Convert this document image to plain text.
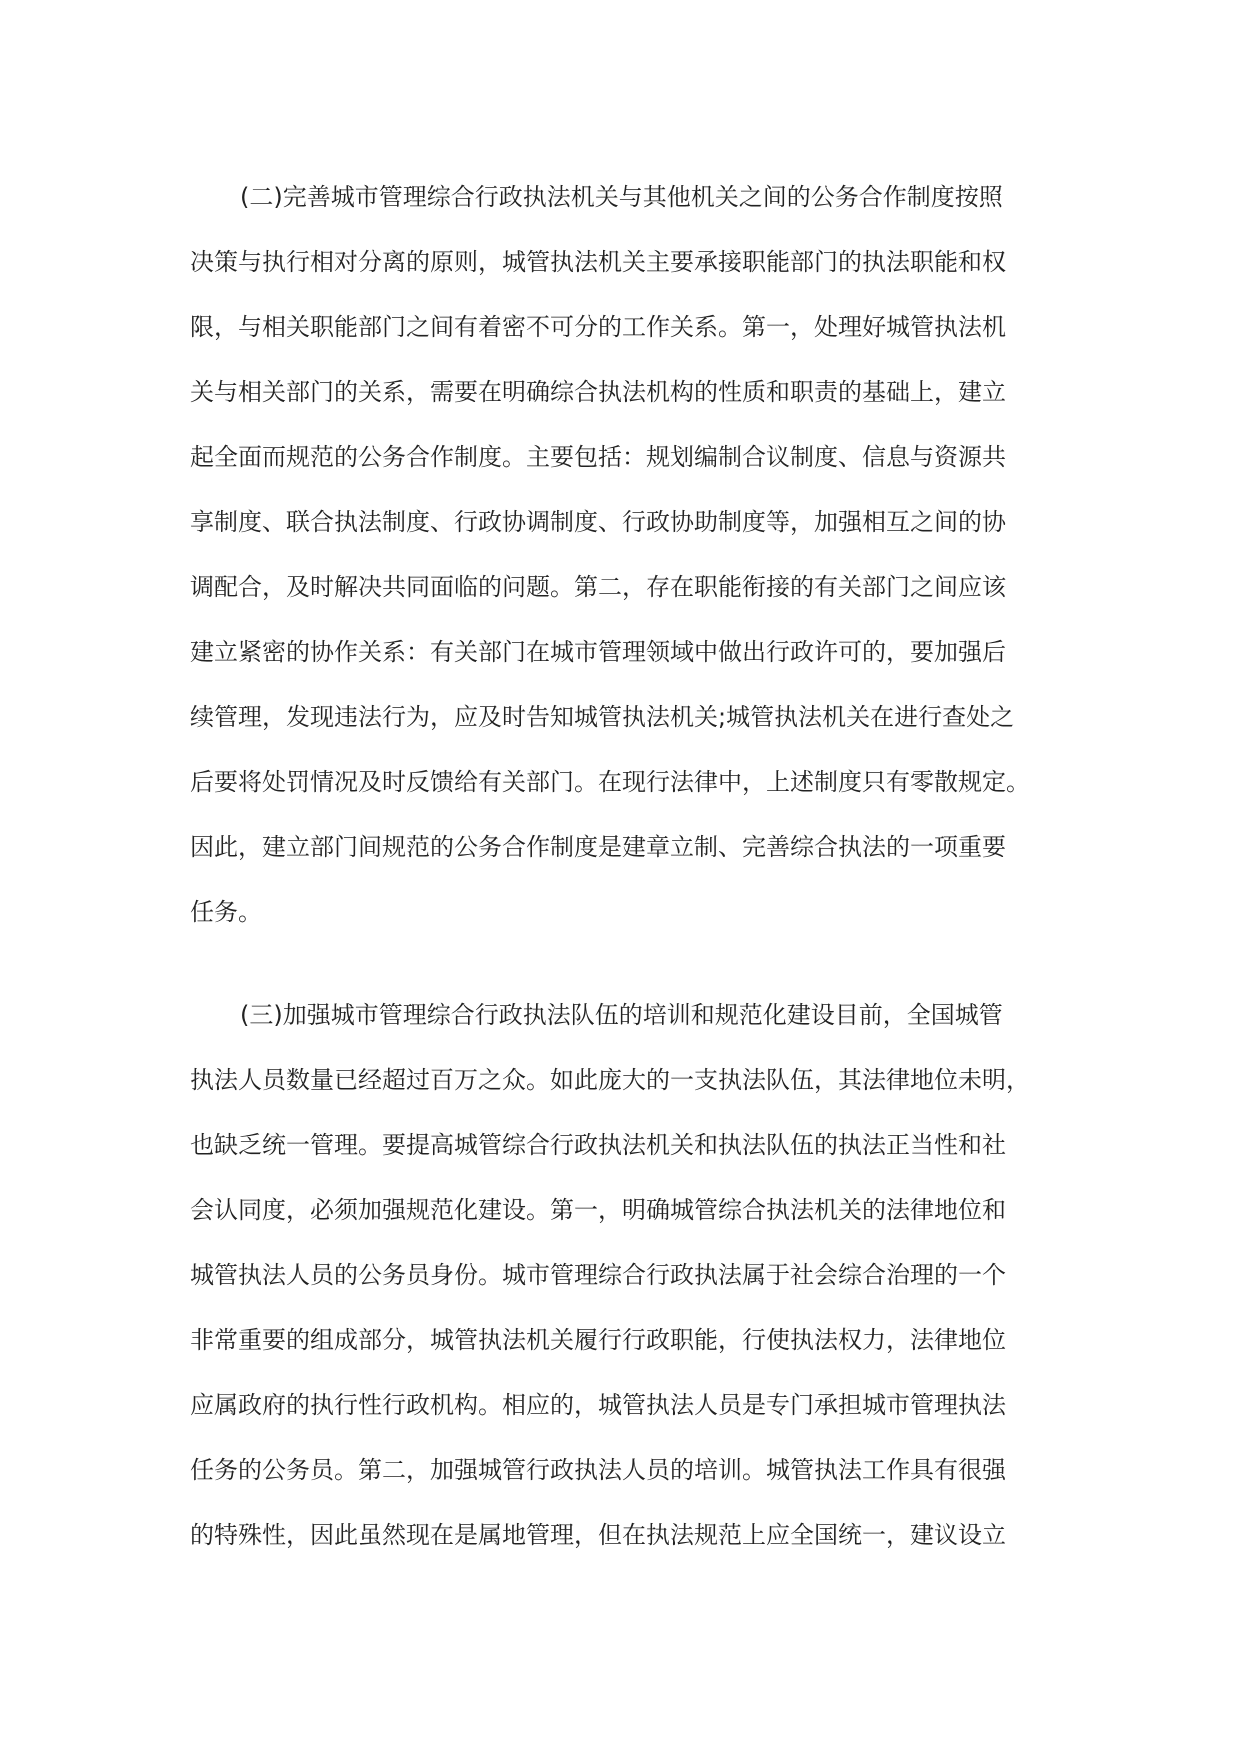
(二)完善城市管理综合行政执法机关与其他机关之间的公务合作制度按照
决策与执行相对分离的原则，城管执法机关主要承接职能部门的执法职能和权
限，与相关职能部门之间有着密不可分的工作关系。第一，处理好城管执法机
关与相关部门的关系，需要在明确综合执法机构的性质和职责的基础上，建立
起全面而规范的公务合作制度。主要包括：规划编制合议制度、信息与资源共
享制度、联合执法制度、行政协调制度、行政协助制度等，加强相互之间的协
调配合，及时解决共同面临的问题。第二，存在职能衔接的有关部门之间应该
建立紧密的协作关系：有关部门在城市管理领域中做出行政许可的，要加强后
续管理，发现违法行为，应及时告知城管执法机关;城管执法机关在进行查处之
后要将处罚情况及时反馈给有关部门。在现行法律中，上述制度只有零散规定。
因此，建立部门间规范的公务合作制度是建章立制、完善综合执法的一项重要
任务。
(三)加强城市管理综合行政执法队伍的培训和规范化建设目前，全国城管
执法人员数量已经超过百万之众。如此庞大的一支执法队伍，其法律地位未明，
也缺乏统一管理。要提高城管综合行政执法机关和执法队伍的执法正当性和社
会认同度，必须加强规范化建设。第一，明确城管综合执法机关的法律地位和
城管执法人员的公务员身份。城市管理综合行政执法属于社会综合治理的一个
非常重要的组成部分，城管执法机关履行行政职能，行使执法权力，法律地位
应属政府的执行性行政机构。相应的，城管执法人员是专门承担城市管理执法
任务的公务员。第二，加强城管行政执法人员的培训。城管执法工作具有很强
的特殊性，因此虽然现在是属地管理，但在执法规范上应全国统一，建议设立
